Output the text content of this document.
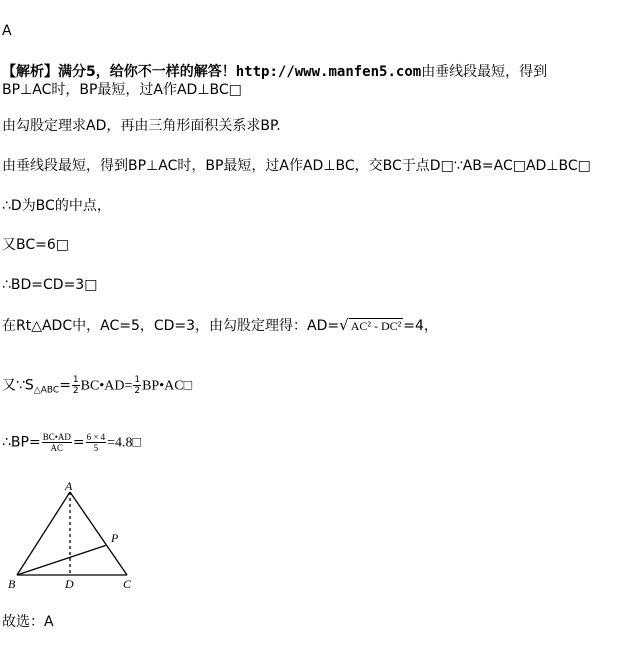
A
【解析】满分5，给你不一样的解答！http://www.manfen5.com由垂线段最短，得到
BP⊥AC时，BP最短，过A作AD⊥BC□
由勾股定理求AD，再由三角形面积关系求BP.
由垂线段最短，得到BP⊥AC时，BP最短，过A作AD⊥BC，交BC于点D□∵AB=AC□AD⊥BC□
∴D为BC的中点，
又BC=6□
∴BD=CD=3□
在Rt△ADC中，AC=5，CD=3，由勾股定理得：AD=√ AC² - DC² =4，
又$\because S_{\triangle ABC}= \frac{1}{2}$ BC•AD= $\frac{1}{2}$ BP•AC□
∴BP= $\frac{BC•AD}{AC} = \frac{6 \times 4}{5}$ =4.8□
A
B	C
D
P
故选：A
